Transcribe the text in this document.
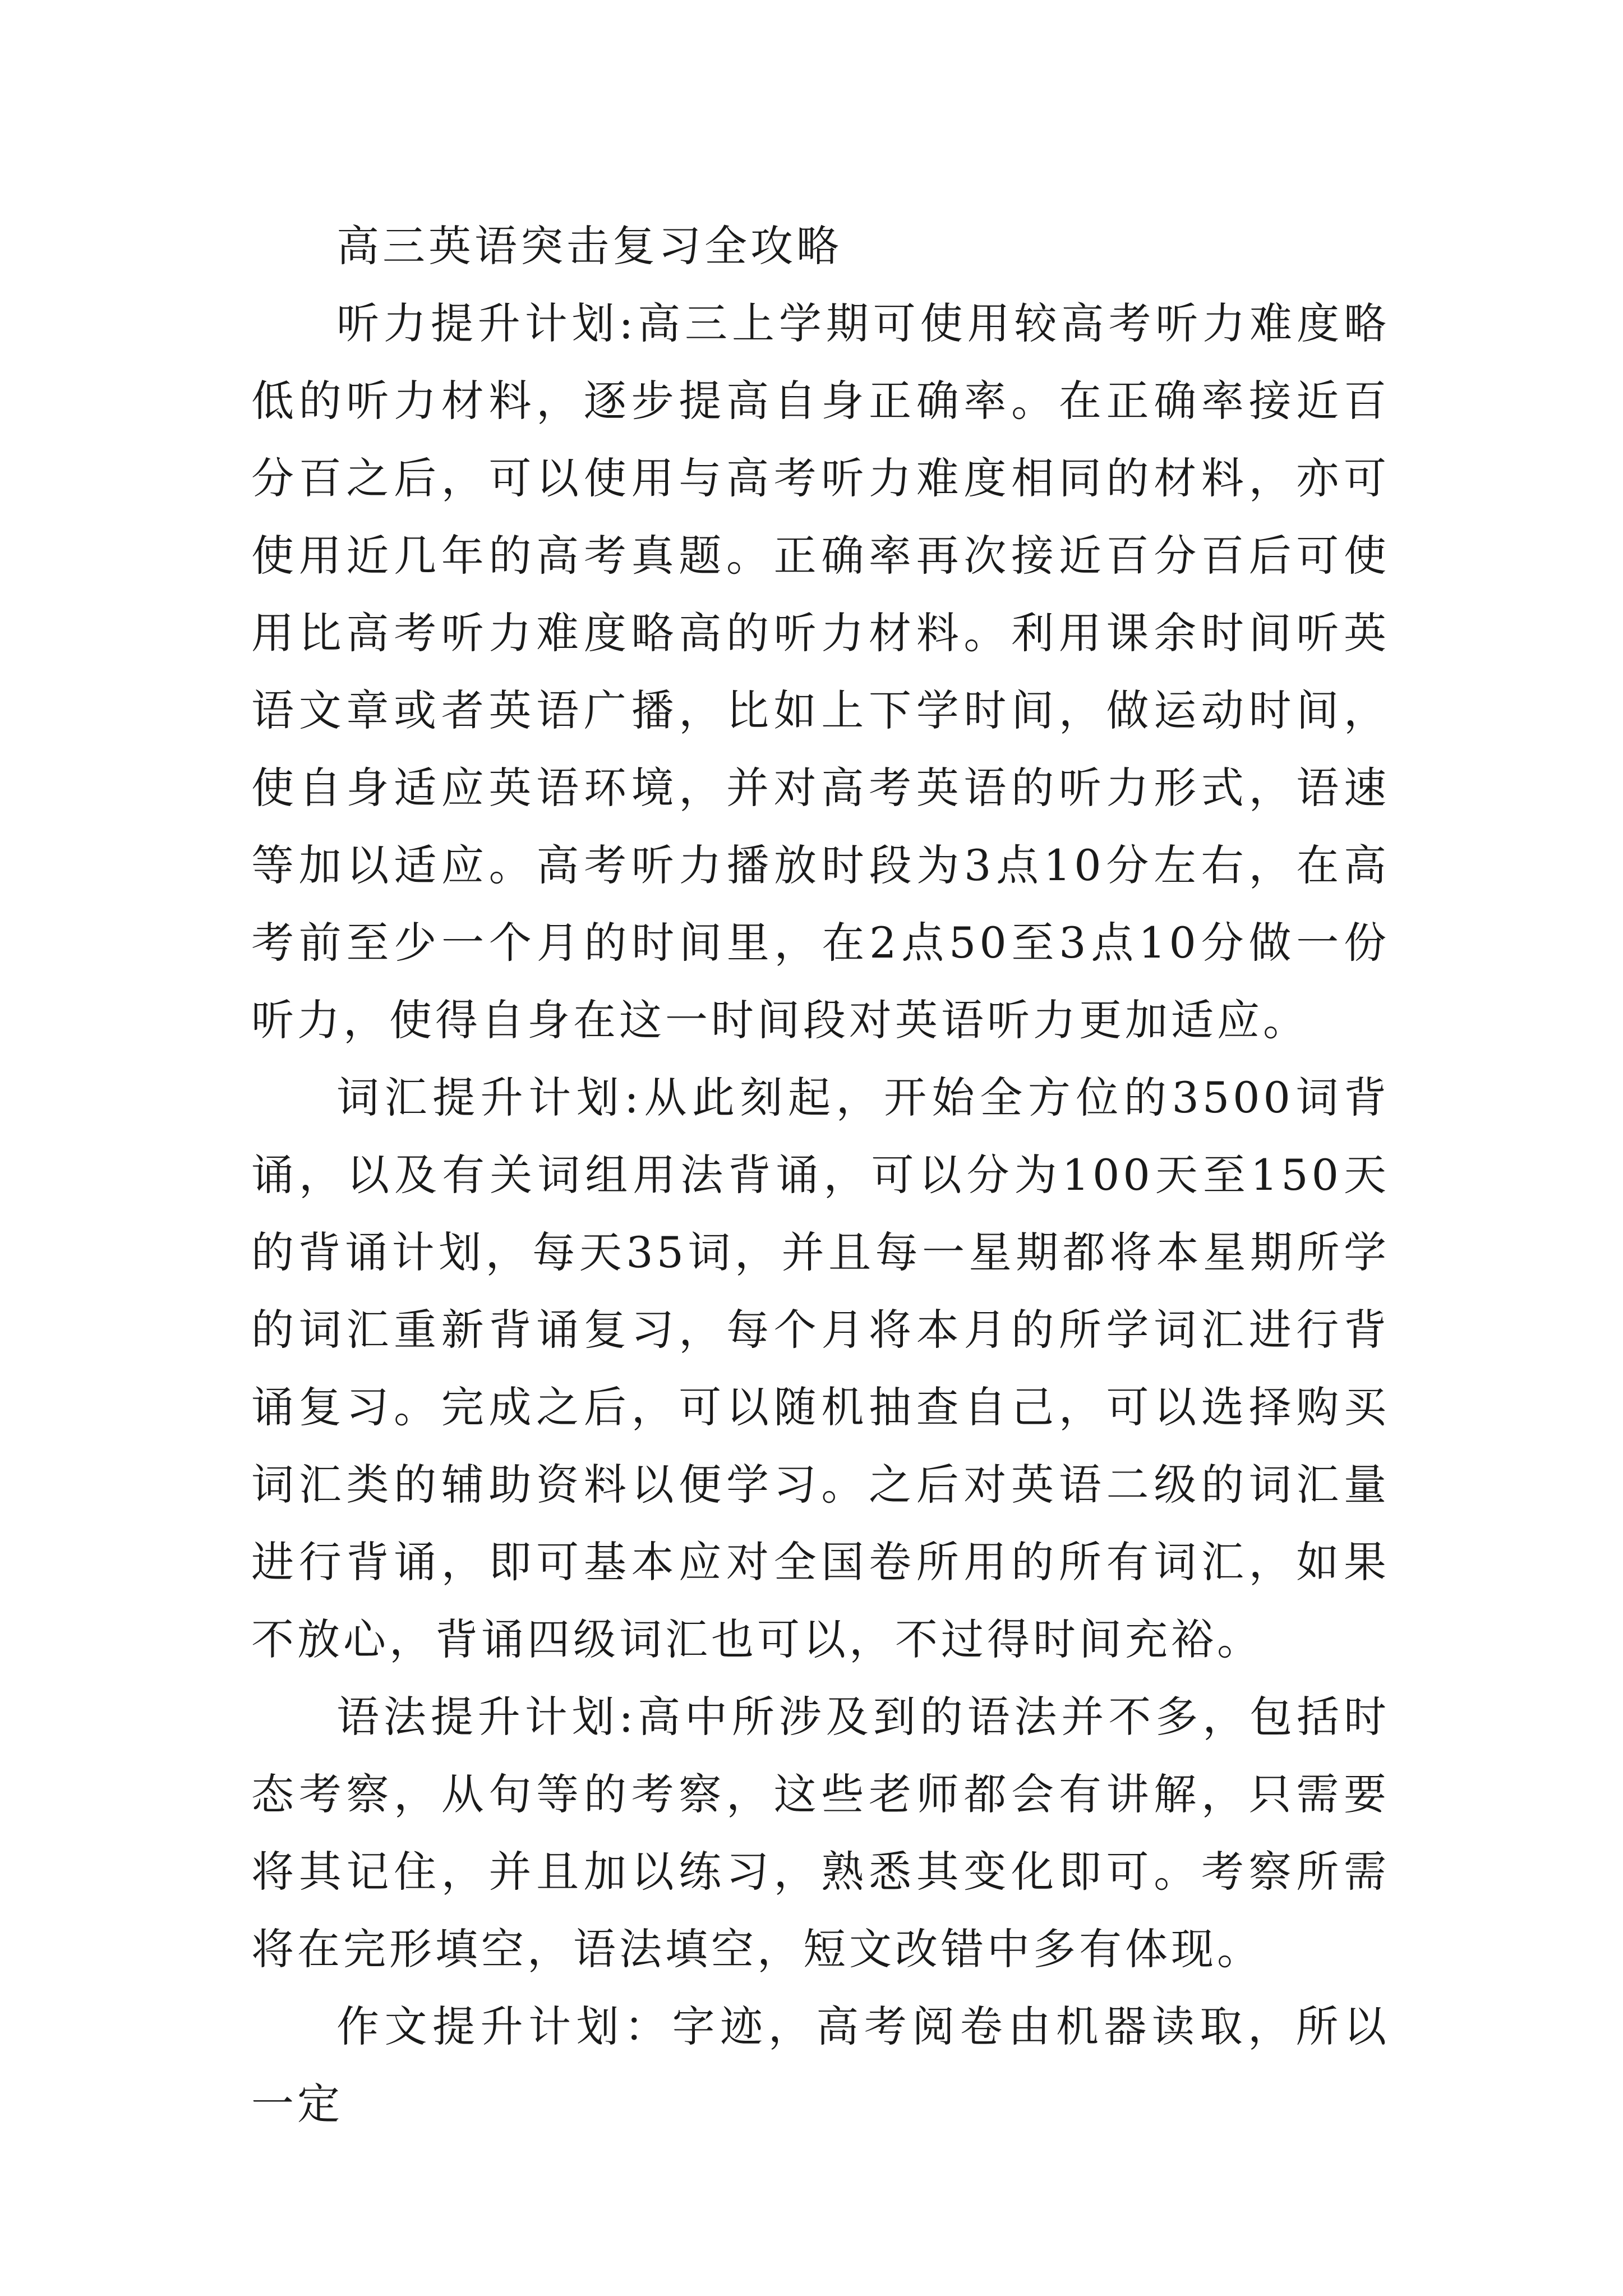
高三英语突击复习全攻略

听力提升计划:高三上学期可使用较高考听力难度略低的听力材料，逐步提高自身正确率。在正确率接近百分百之后，可以使用与高考听力难度相同的材料，亦可使用近几年的高考真题。正确率再次接近百分百后可使用比高考听力难度略高的听力材料。利用课余时间听英语文章或者英语广播，比如上下学时间，做运动时间，使自身适应英语环境，并对高考英语的听力形式，语速等加以适应。高考听力播放时段为3点10分左右，在高考前至少一个月的时间里，在2点50至3点10分做一份听力，使得自身在这一时间段对英语听力更加适应。

词汇提升计划:从此刻起，开始全方位的3500词背诵，以及有关词组用法背诵，可以分为100天至150天的背诵计划，每天35词，并且每一星期都将本星期所学的词汇重新背诵复习，每个月将本月的所学词汇进行背诵复习。完成之后，可以随机抽查自己，可以选择购买词汇类的辅助资料以便学习。之后对英语二级的词汇量进行背诵，即可基本应对全国卷所用的所有词汇，如果不放心，背诵四级词汇也可以，不过得时间充裕。

语法提升计划:高中所涉及到的语法并不多，包括时态考察，从句等的考察，这些老师都会有讲解，只需要将其记住，并且加以练习，熟悉其变化即可。考察所需将在完形填空，语法填空，短文改错中多有体现。

作文提升计划：字迹，高考阅卷由机器读取，所以一定
